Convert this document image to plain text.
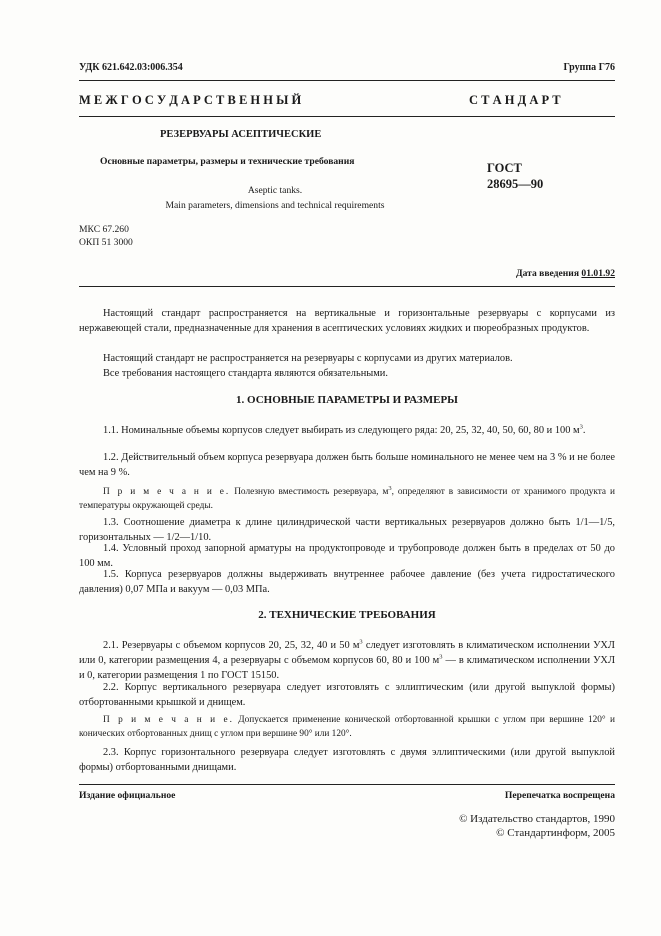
УДК 621.642.03:006.354	Группа Г76
М Е Ж Г О С У Д А Р С Т В Е Н Н Ы Й	С Т А Н Д А Р Т
РЕЗЕРВУАРЫ АСЕПТИЧЕСКИЕ
Основные параметры, размеры и технические требования	ГОСТ
28695—90
Aseptic tanks.
Main parameters, dimensions and technical requirements
МКС 67.260
ОКП 51 3000
Дата введения 01.01.92
Настоящий стандарт распространяется на вертикальные и горизонтальные резервуары с корпусами из нержавеющей стали, предназначенные для хранения в асептических условиях жидких и пюреобразных продуктов.
Настоящий стандарт не распространяется на резервуары с корпусами из других материалов.
Все требования настоящего стандарта являются обязательными.
1. ОСНОВНЫЕ ПАРАМЕТРЫ И РАЗМЕРЫ
1.1. Номинальные объемы корпусов следует выбирать из следующего ряда: 20, 25, 32, 40, 50, 60, 80 и 100 $м^3$.
1.2. Действительный объем корпуса резервуара должен быть больше номинального не менее чем на 3 % и не более чем на 9 %.
П р и м е ч а н и е. Полезную вместимость резервуара, $м^3$, определяют в зависимости от хранимого продукта и температуры окружающей среды.
1.3. Соотношение диаметра к длине цилиндрической части вертикальных резервуаров должно быть 1/1—1/5, горизонтальных — 1/2—1/10.
1.4. Условный проход запорной арматуры на продуктопроводе и трубопроводе должен быть в пределах от 50 до 100 мм.
1.5. Корпуса резервуаров должны выдерживать внутреннее рабочее давление (без учета гидростатического давления) 0,07 МПа и вакуум — 0,03 МПа.
2. ТЕХНИЧЕСКИЕ ТРЕБОВАНИЯ
2.1. Резервуары с объемом корпусов 20, 25, 32, 40 и 50 $м^3$ следует изготовлять в климатическом исполнении УХЛ или 0, категории размещения 4, а резервуары с объемом корпусов 60, 80 и 100 $м^3$ — в климатическом исполнении УХЛ и 0, категории размещения 1 по ГОСТ 15150.
2.2. Корпус вертикального резервуара следует изготовлять с эллиптическим (или другой выпуклой формы) отбортованными крышкой и днищем.
П р и м е ч а н и е. Допускается применение конической отбортованной крышки с углом при вершине 120° и конических отбортованных днищ с углом при вершине 90° или 120°.
2.3. Корпус горизонтального резервуара следует изготовлять с двумя эллиптическими (или другой выпуклой формы) отбортованными днищами.
Издание официальное	Перепечатка воспрещена
© Издательство стандартов, 1990
© Стандартинформ, 2005
